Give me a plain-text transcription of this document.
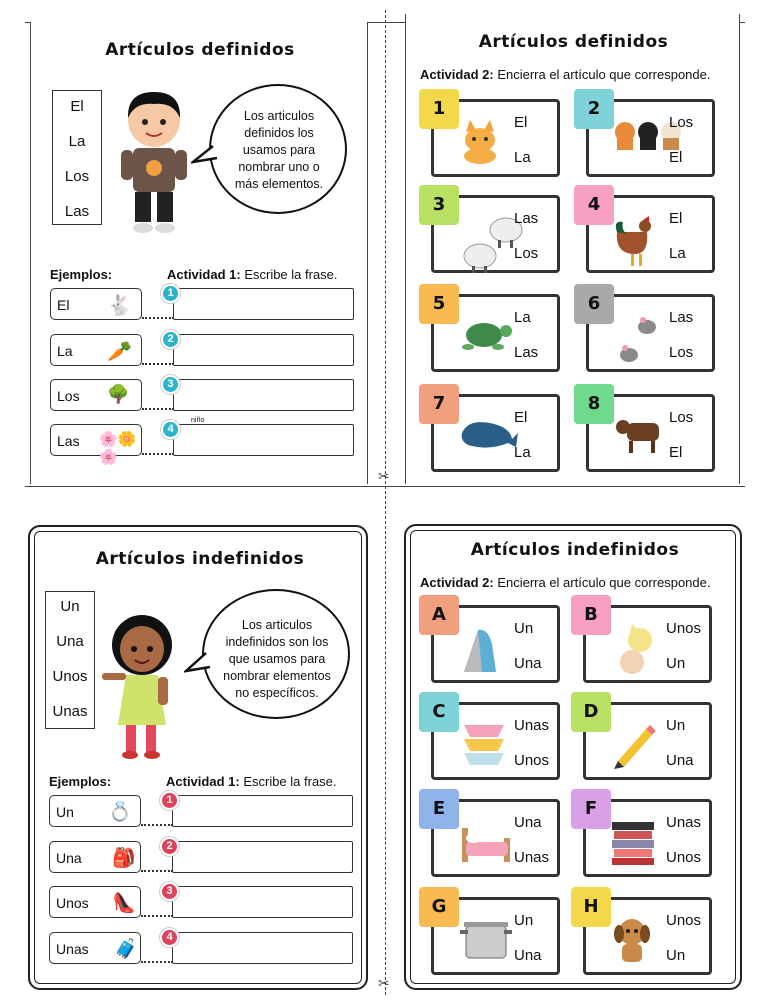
✂
✂
Artículos definidos
El
La
Los
Las
Los articulos definidos los usamos para nombrar uno o más elementos.
Ejemplos:	Actividad 1: Escribe la frase.
El 🐇
La 🥕
Los 🌳
Las 🌸🌼🌸
niño
1
2
3
4
Artículos definidos
Actividad 2: Encierra el artículo que corresponde.
Artículos indefinidos
Un
Una
Unos
Unas
Los articulos indefinidos son los que usamos para nombrar elementos no específicos.
Ejemplos:	Actividad 1: Escribe la frase.
Un 💍
Una 🎒
Unos 👠
Unas 🧳
1
2
3
4
Artículos indefinidos
Actividad 2: Encierra el artículo que corresponde.
El
La
1
Los
El
2
Las
Los
3
El
La
4
La
Las
5
Las
Los
6
El
La
7
Los
El
8
Un
Una
A
Unos
Un
B
Unas
Unos
C
Un
Una
D
Una
Unas
E
Unas
Unos
F
Un
Una
G
Unos
Un
H
